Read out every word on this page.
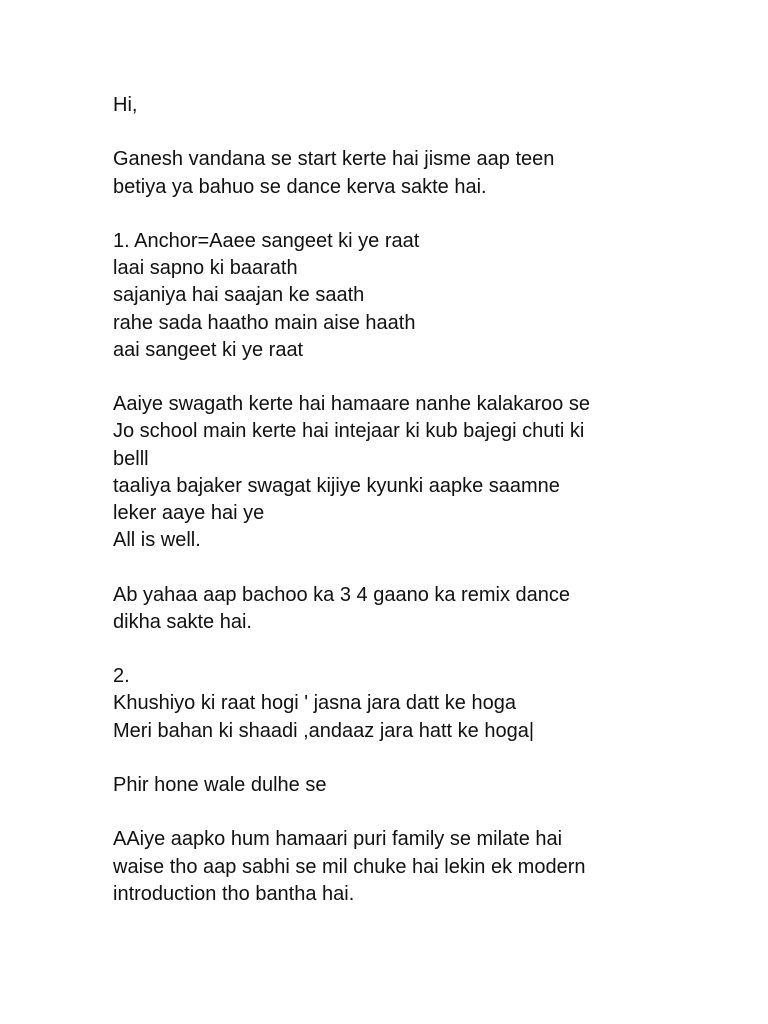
Hi,
Ganesh vandana se start kerte hai jisme aap teen
betiya ya bahuo se dance kerva sakte hai.
1. Anchor=Aaee sangeet ki ye raat
laai sapno ki baarath
sajaniya hai saajan ke saath
rahe sada haatho main aise haath
aai sangeet ki ye raat
Aaiye swagath kerte hai hamaare nanhe kalakaroo se
Jo school main kerte hai intejaar ki kub bajegi chuti ki
belll
taaliya bajaker swagat kijiye kyunki aapke saamne
leker aaye hai ye
All is well.
Ab yahaa aap bachoo ka 3 4 gaano ka remix dance
dikha sakte hai.
2.
Khushiyo ki raat hogi ' jasna jara datt ke hoga
Meri bahan ki shaadi ,andaaz jara hatt ke hoga|
Phir hone wale dulhe se
AAiye aapko hum hamaari puri family se milate hai
waise tho aap sabhi se mil chuke hai lekin ek modern
introduction tho bantha hai.
